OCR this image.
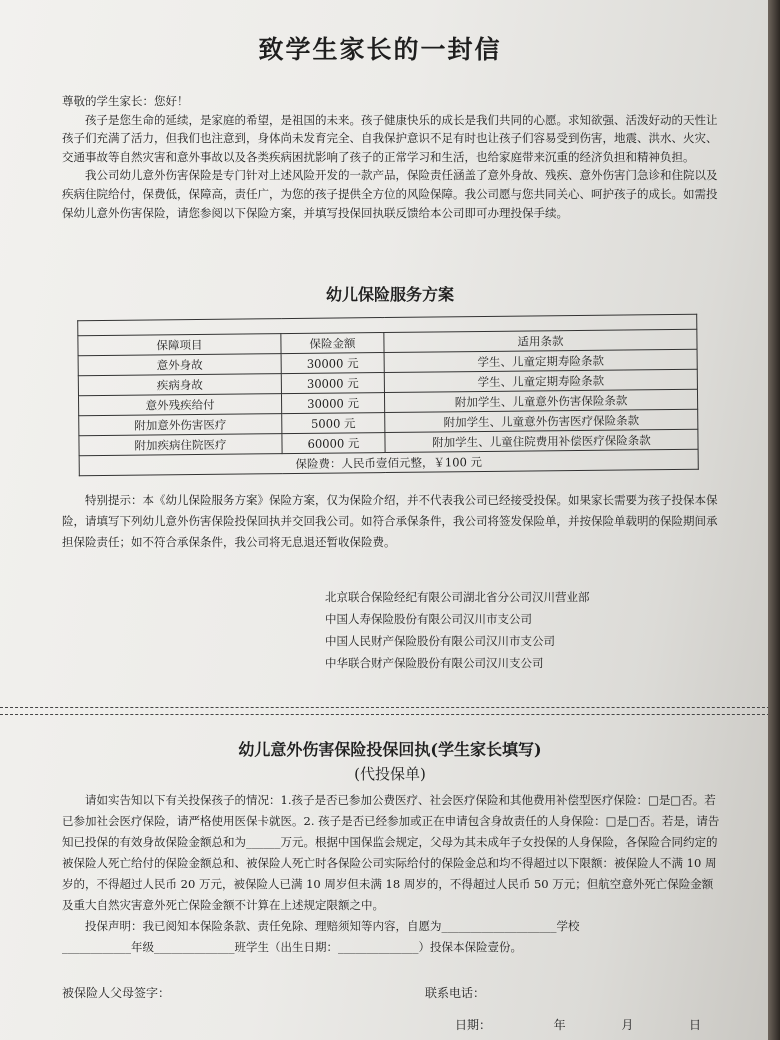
致学生家长的一封信

尊敬的学生家长：您好！

孩子是您生命的延续，是家庭的希望，是祖国的未来。孩子健康快乐的成长是我们共同的心愿。求知欲强、活泼好动的天性让孩子们充满了活力，但我们也注意到，身体尚未发育完全、自我保护意识不足有时也让孩子们容易受到伤害，地震、洪水、火灾、交通事故等自然灾害和意外事故以及各类疾病困扰影响了孩子的正常学习和生活，也给家庭带来沉重的经济负担和精神负担。

我公司幼儿意外伤害保险是专门针对上述风险开发的一款产品，保险责任涵盖了意外身故、残疾、意外伤害门急诊和住院以及疾病住院给付，保费低，保障高，责任广，为您的孩子提供全方位的风险保障。我公司愿与您共同关心、呵护孩子的成长。如需投保幼儿意外伤害保险，请您参阅以下保险方案，并填写投保回执联反馈给本公司即可办理投保手续。

幼儿保险服务方案

保障项目	保险金额	适用条款
意外身故	30000 元	学生、儿童定期寿险条款
疾病身故	30000 元	学生、儿童定期寿险条款
意外残疾给付	30000 元	附加学生、儿童意外伤害保险条款
附加意外伤害医疗	5000 元	附加学生、儿童意外伤害医疗保险条款
附加疾病住院医疗	60000 元	附加学生、儿童住院费用补偿医疗保险条款
保险费：人民币壹佰元整，￥100 元		
特别提示：本《幼儿保险服务方案》保险方案，仅为保险介绍，并不代表我公司已经接受投保。如果家长需要为孩子投保本保险，请填写下列幼儿意外伤害保险投保回执并交回我公司。如符合承保条件，我公司将签发保险单，并按保险单载明的保险期间承担保险责任；如不符合承保条件，我公司将无息退还暂收保险费。
北京联合保险经纪有限公司湖北省分公司汉川营业部
中国人寿保险股份有限公司汉川市支公司
中国人民财产保险股份有限公司汉川市支公司
中华联合财产保险股份有限公司汉川支公司
幼儿意外伤害保险投保回执(学生家长填写)
(代投保单)

请如实告知以下有关投保孩子的情况：1.孩子是否已参加公费医疗、社会医疗保险和其他费用补偿型医疗保险：□是□否。若已参加社会医疗保险，请严格使用医保卡就医。2. 孩子是否已经参加或正在申请包含身故责任的人身保险：□是□否。若是，请告知已投保的有效身故保险金额总和为______万元。根据中国保监会规定，父母为其未成年子女投保的人身保险，各保险合同约定的被保险人死亡给付的保险金额总和、被保险人死亡时各保险公司实际给付的保险金总和均不得超过以下限额：被保险人不满 10 周岁的，不得超过人民币 20 万元，被保险人已满 10 周岁但未满 18 周岁的，不得超过人民币 50 万元；但航空意外死亡保险金额及重大自然灾害意外死亡保险金额不计算在上述规定限额之中。

投保声明：我已阅知本保险条款、责任免除、理赔须知等内容，自愿为____________________学校

____________年级______________班学生（出生日期：______________）投保本保险壹份。

被保险人父母签字：	联系电话：
日期：	年	月	日
